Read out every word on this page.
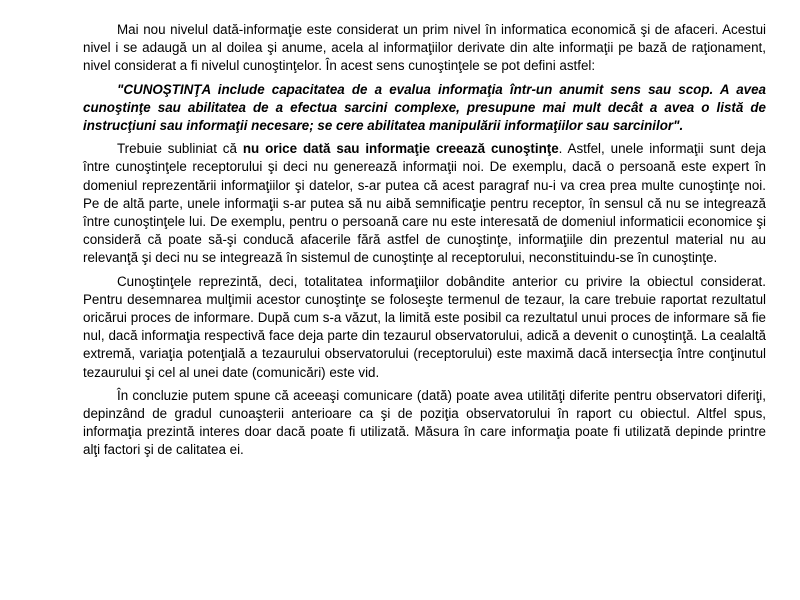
Mai nou nivelul dată-informaţie este considerat un prim nivel în informatica economică şi de afaceri. Acestui nivel i se adaugă un al doilea şi anume, acela al informaţiilor derivate din alte informaţii pe bază de raţionament, nivel considerat a fi nivelul cunoştinţelor. În acest sens cunoştinţele se pot defini astfel:

"CUNOŞTINŢA include capacitatea de a evalua informaţia într-un anumit sens sau scop. A avea cunoştinţe sau abilitatea de a efectua sarcini complexe, presupune mai mult decât a avea o listă de instrucţiuni sau informaţii necesare; se cere abilitatea manipulării informaţiilor sau sarcinilor".

Trebuie subliniat că nu orice dată sau informaţie creează cunoştinţe. Astfel, unele informaţii sunt deja între cunoştinţele receptorului şi deci nu generează informaţii noi. De exemplu, dacă o persoană este expert în domeniul reprezentării informaţiilor şi datelor, s-ar putea că acest paragraf nu-i va crea prea multe cunoştinţe noi. Pe de altă parte, unele informaţii s-ar putea să nu aibă semnificaţie pentru receptor, în sensul că nu se integrează între cunoştinţele lui. De exemplu, pentru o persoană care nu este interesată de domeniul informaticii economice şi consideră că poate să-şi conducă afacerile fără astfel de cunoştinţe, informaţiile din prezentul material nu au relevanţă şi deci nu se integrează în sistemul de cunoştinţe al receptorului, neconstituindu-se în cunoştinţe.

Cunoştinţele reprezintă, deci, totalitatea informaţiilor dobândite anterior cu privire la obiectul considerat. Pentru desemnarea mulţimii acestor cunoştinţe se foloseşte termenul de tezaur, la care trebuie raportat rezultatul oricărui proces de informare. După cum s-a văzut, la limită este posibil ca rezultatul unui proces de informare să fie nul, dacă informaţia respectivă face deja parte din tezaurul observatorului, adică a devenit o cunoştinţă. La cealaltă extremă, variaţia potenţială a tezaurului observatorului (receptorului) este maximă dacă intersecţia între conţinutul tezaurului şi cel al unei date (comunicări) este vid.

În concluzie putem spune că aceeaşi comunicare (dată) poate avea utilităţi diferite pentru observatori diferiţi, depinzând de gradul cunoaşterii anterioare ca şi de poziţia observatorului în raport cu obiectul. Altfel spus, informaţia prezintă interes doar dacă poate fi utilizată. Măsura în care informaţia poate fi utilizată depinde printre alţi factori şi de calitatea ei.
